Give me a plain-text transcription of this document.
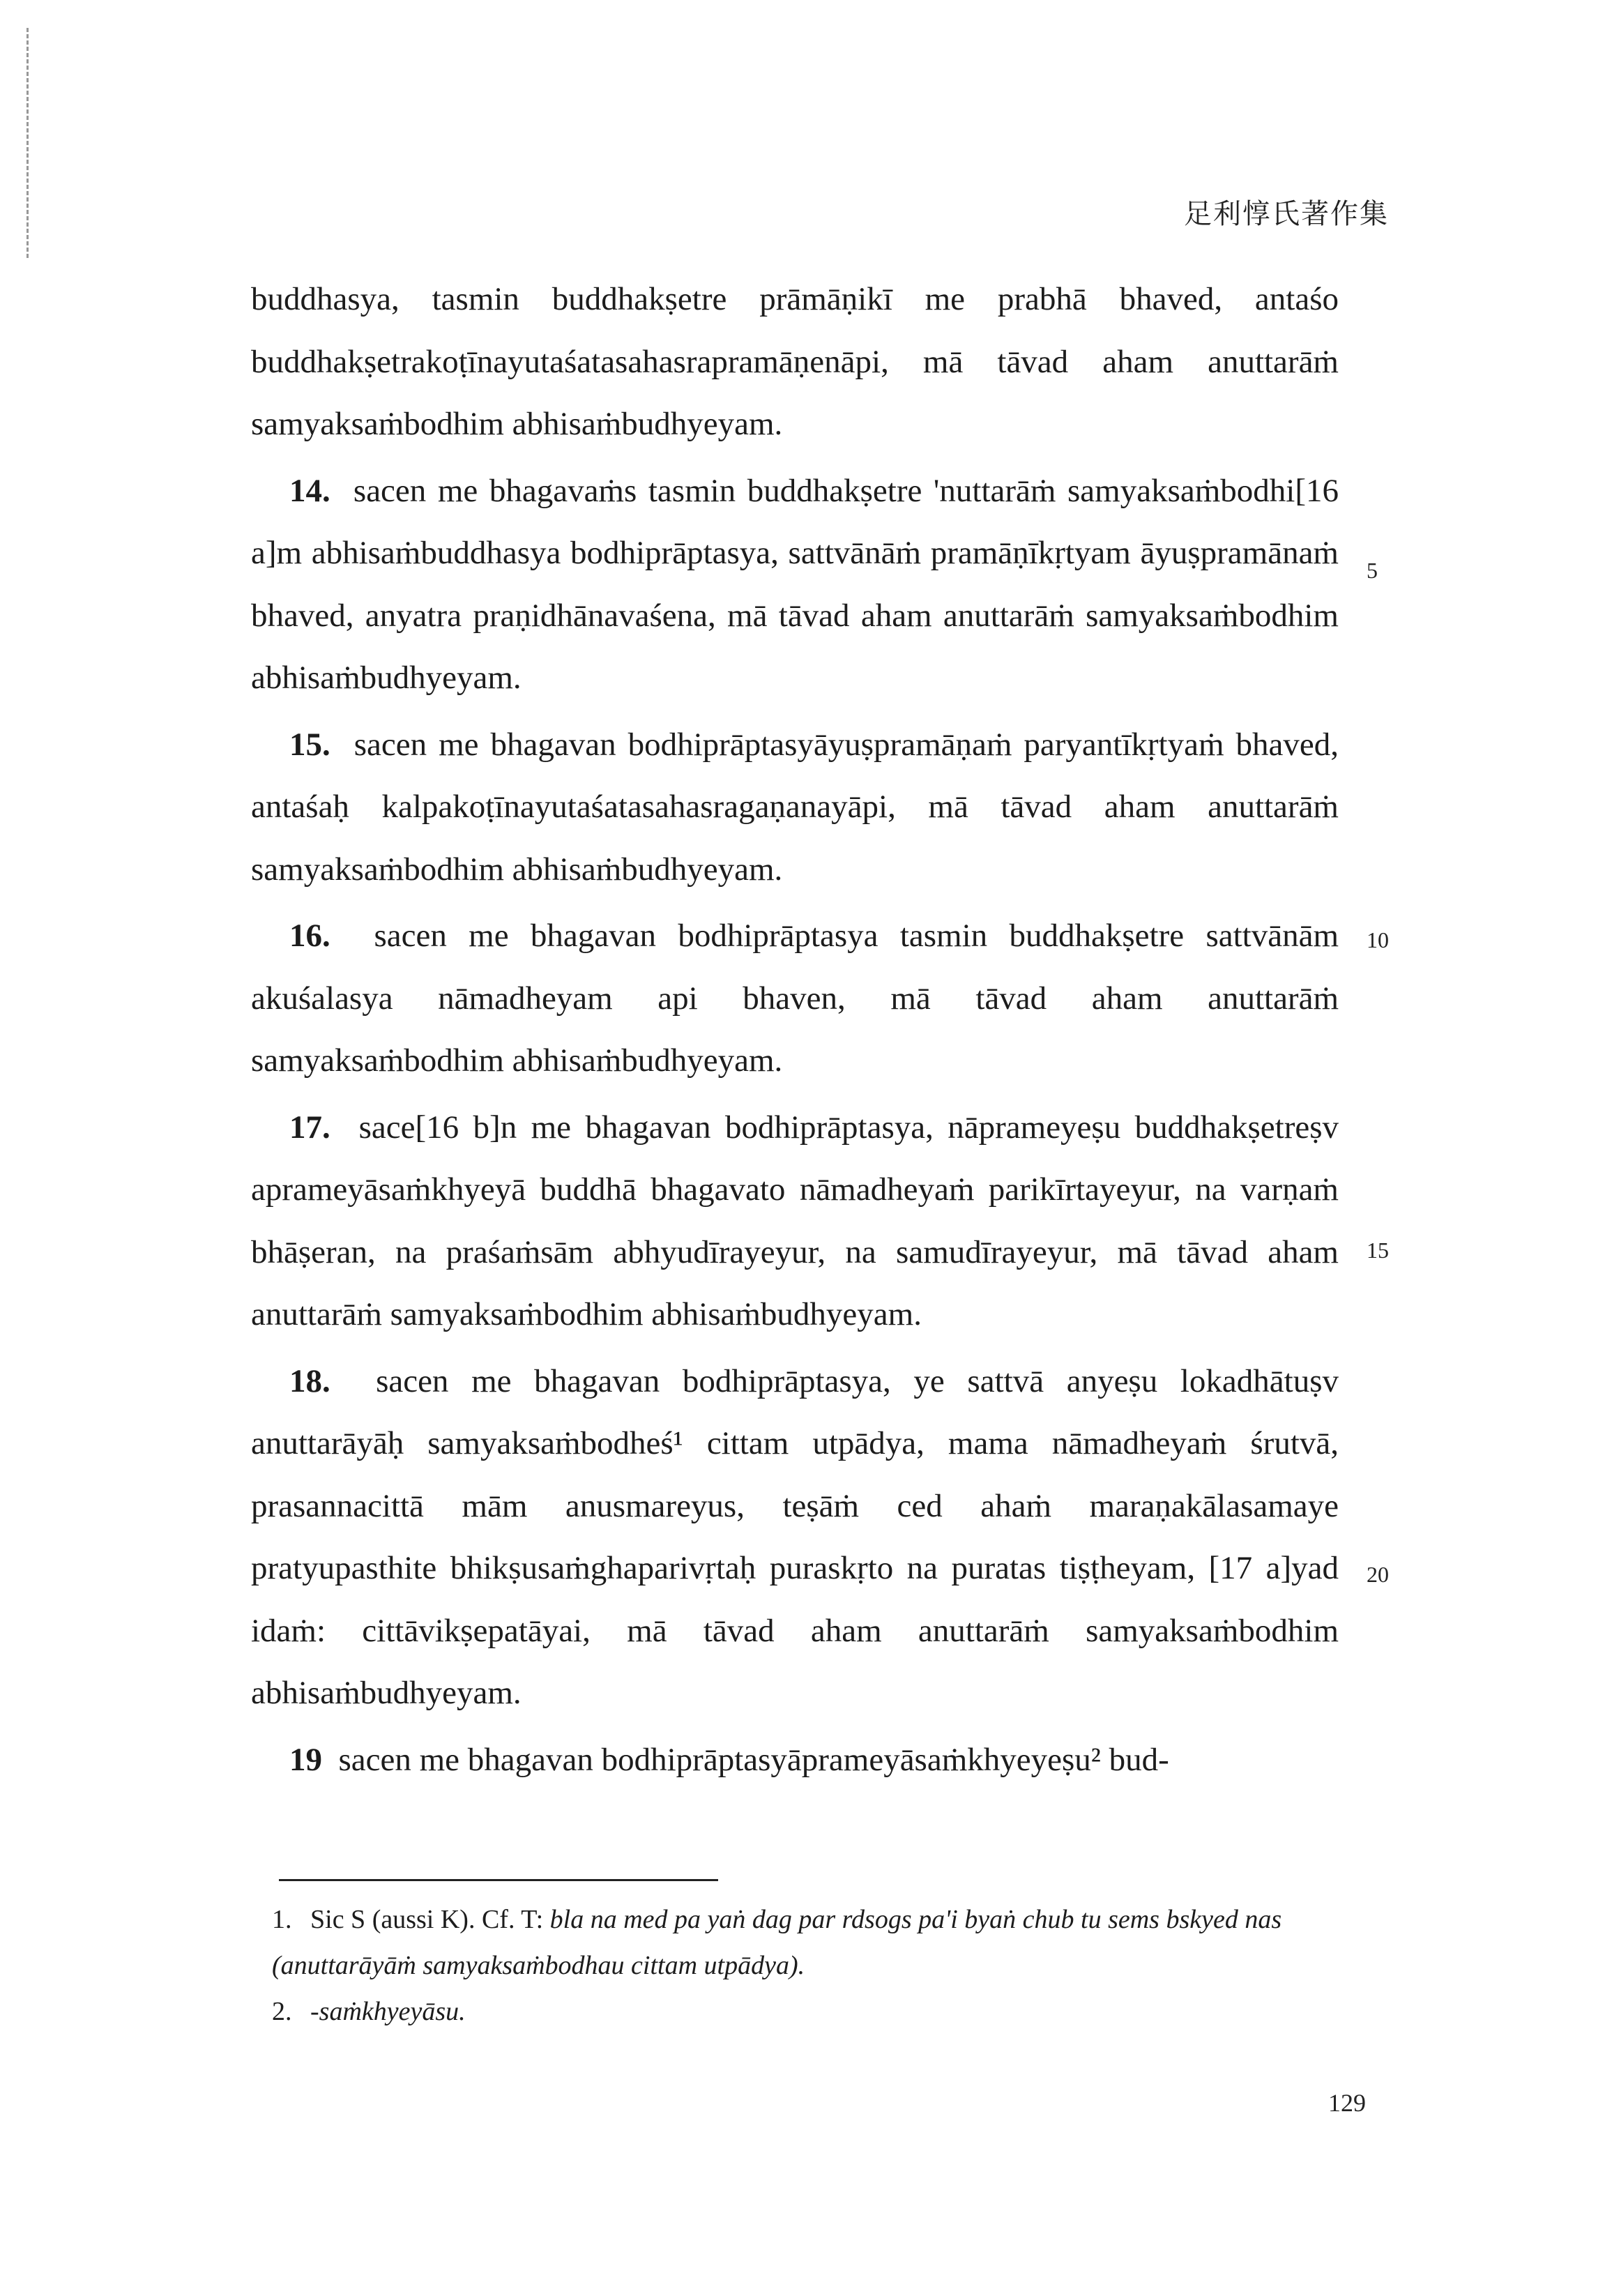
足利惇氏著作集

buddhasya, tasmin buddhakṣetre prāmāṇikī me prabhā bhaved, antaśo buddhakṣetrakoṭīnayutaśatasahasrapramāṇenāpi, mā tāvad aham anuttarāṁ samyaksaṁbodhim abhisaṁbudhyeyam.

14. sacen me bhagavaṁs tasmin buddhakṣetre 'nuttarāṁ samyaksaṁbodhi[16 a]m abhisaṁbuddhasya bodhiprāptasya, sattvānāṁ pramāṇīkṛtyam āyuṣpramānaṁ bhaved, anyatra praṇidhānavaśena, mā tāvad aham anuttarāṁ samyaksaṁbodhim abhisaṁbudhyeyam.

15. sacen me bhagavan bodhiprāptasyāyuṣpramāṇaṁ paryantīkṛtyaṁ bhaved, antaśaḥ kalpakoṭīnayutaśatasahasragaṇanayāpi, mā tāvad aham anuttarāṁ samyaksaṁbodhim abhisaṁbudhyeyam.

16. sacen me bhagavan bodhiprāptasya tasmin buddhakṣetre sattvānām akuśalasya nāmadheyam api bhaven, mā tāvad aham anuttarāṁ samyaksaṁbodhim abhisaṁbudhyeyam.

17. sace[16 b]n me bhagavan bodhiprāptasya, nāprameyeṣu buddhakṣetreṣv aprameyāsaṁkhyeyā buddhā bhagavato nāmadheyaṁ parikīrtayeyur, na varṇaṁ bhāṣeran, na praśaṁsām abhyudīrayeyur, na samudīrayeyur, mā tāvad aham anuttarāṁ samyaksaṁbodhim abhisaṁbudhyeyam.

18. sacen me bhagavan bodhiprāptasya, ye sattvā anyeṣu lokadhātuṣv anuttarāyāḥ samyaksaṁbodheś¹ cittam utpādya, mama nāmadheyaṁ śrutvā, prasannacittā mām anusmareyus, teṣāṁ ced ahaṁ maraṇakālasamaye pratyupasthite bhikṣusaṁghaparivṛtaḥ puraskṛto na puratas tiṣṭheyam, [17 a]yad idaṁ: cittāvikṣepatāyai, mā tāvad aham anuttarāṁ samyaksaṁbodhim abhisaṁbudhyeyam.

19 sacen me bhagavan bodhiprāptasyāprameyāsaṁkhyeyeṣu² bud-

5
10
15
20

1. Sic S (aussi K). Cf. T: bla na med pa yaṅ dag par rdsogs pa'i byaṅ chub tu sems bskyed nas (anuttarāyāṁ samyaksaṁbodhau cittam utpādya).

2. -saṁkhyeyāsu.

129
